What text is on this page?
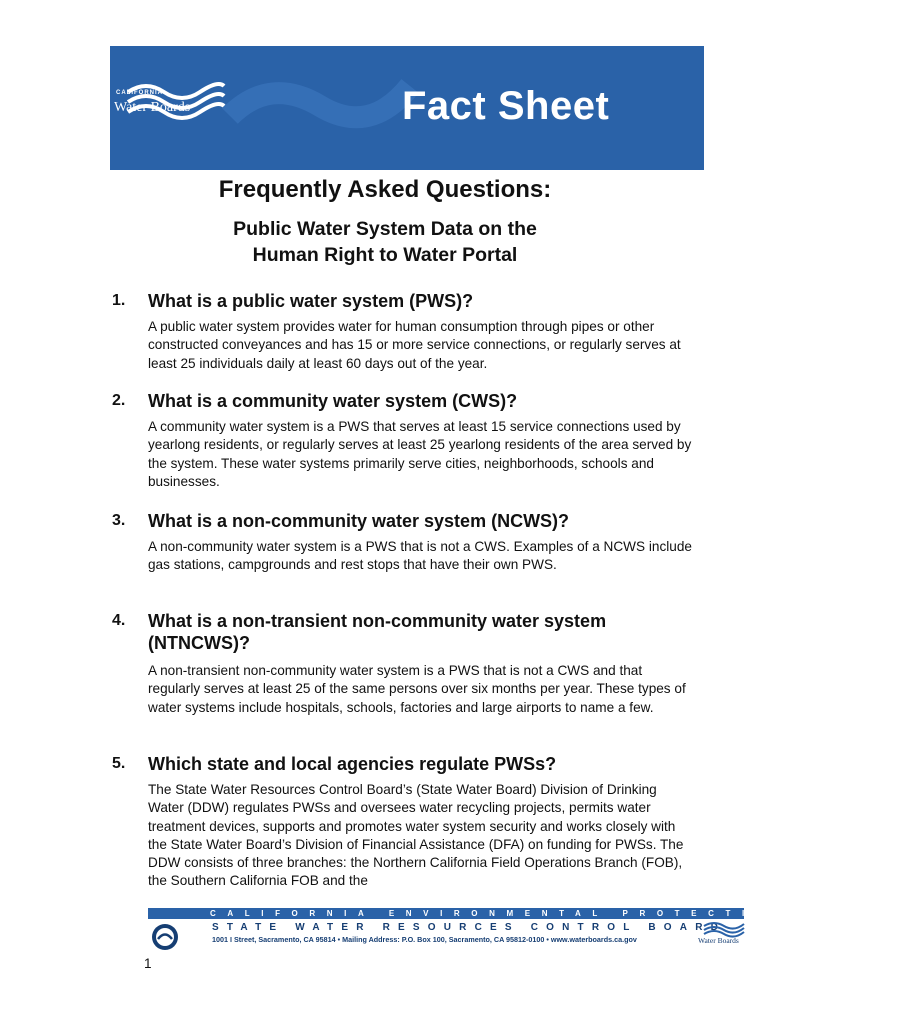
CALIFORNIA
Water Boards	Fact Sheet
Frequently Asked Questions:
Public Water System Data on the
Human Right to Water Portal
1. What is a public water system (PWS)?
A public water system provides water for human consumption through pipes or other constructed conveyances and has 15 or more service connections, or regularly serves at least 25 individuals daily at least 60 days out of the year.
2. What is a community water system (CWS)?
A community water system is a PWS that serves at least 15 service connections used by yearlong residents, or regularly serves at least 25 yearlong residents of the area served by the system. These water systems primarily serve cities, neighborhoods, schools and businesses.
3. What is a non-community water system (NCWS)?
A non-community water system is a PWS that is not a CWS. Examples of a NCWS include gas stations, campgrounds and rest stops that have their own PWS.
4. What is a non-transient non-community water system (NTNCWS)?
A non-transient non-community water system is a PWS that is not a CWS and that regularly serves at least 25 of the same persons over six months per year. These types of water systems include hospitals, schools, factories and large airports to name a few.
5. Which state and local agencies regulate PWSs?
The State Water Resources Control Board’s (State Water Board) Division of Drinking Water (DDW) regulates PWSs and oversees water recycling projects, permits water treatment devices, supports and promotes water system security and works closely with the State Water Board’s Division of Financial Assistance (DFA) on funding for PWSs. The DDW consists of three branches: the Northern California Field Operations Branch (FOB), the Southern California FOB and the
CALIFORNIA ENVIRONMENTAL PROTECTION AGENCY
STATE WATER RESOURCES CONTROL BOARD
1001 I Street, Sacramento, CA 95814 • Mailing Address: P.O. Box 100, Sacramento, CA 95812-0100 • www.waterboards.ca.gov	Water Boards
1
